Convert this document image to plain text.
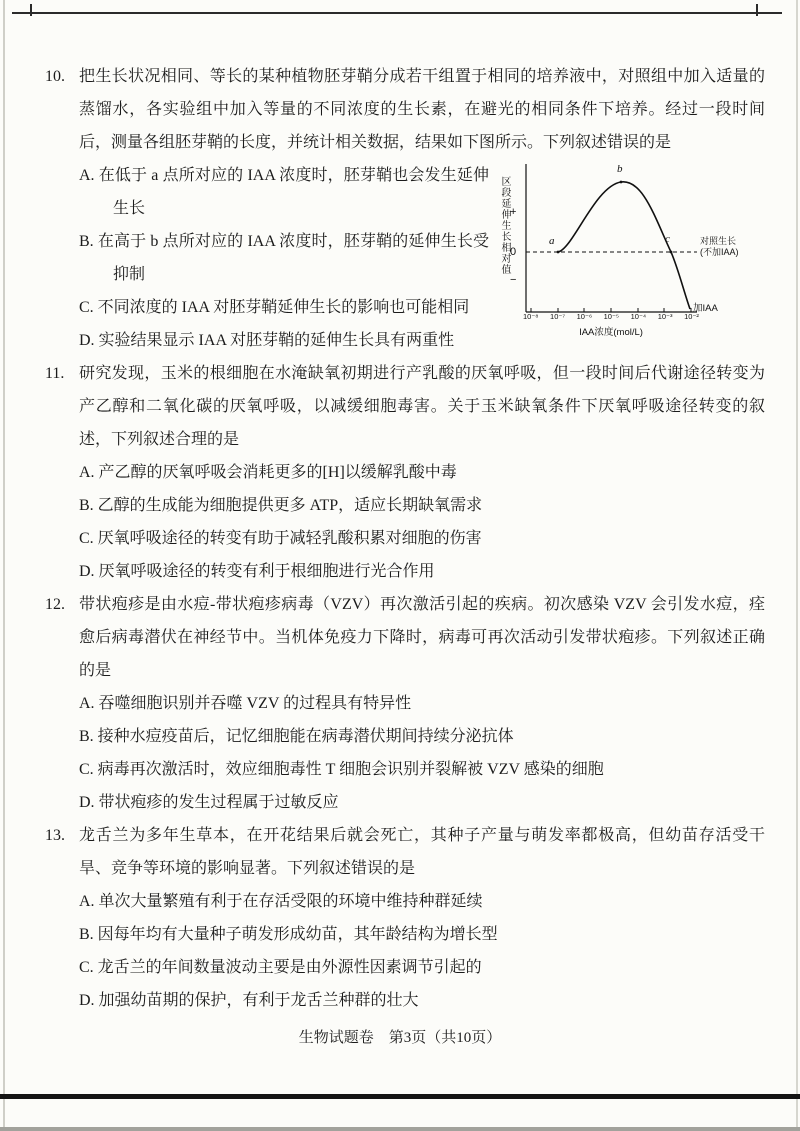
10. 把生长状况相同、等长的某种植物胚芽鞘分成若干组置于相同的培养液中，对照组中加入适量的蒸馏水，各实验组中加入等量的不同浓度的生长素，在避光的相同条件下培养。经过一段时间后，测量各组胚芽鞘的长度，并统计相关数据，结果如下图所示。下列叙述错误的是
区段延伸生长相对值 +
0
−
a
b
c	对照生长
(不加IAA)
加IAA
10⁻⁸ 10⁻⁷ 10⁻⁶ 10⁻⁵ 10⁻⁴ 10⁻³ 10⁻²
IAA浓度(mol/L)
A. 在低于 a 点所对应的 IAA 浓度时，胚芽鞘也会发生延伸生长
B. 在高于 b 点所对应的 IAA 浓度时，胚芽鞘的延伸生长受抑制
C. 不同浓度的 IAA 对胚芽鞘延伸生长的影响也可能相同
D. 实验结果显示 IAA 对胚芽鞘的延伸生长具有两重性
11. 研究发现，玉米的根细胞在水淹缺氧初期进行产乳酸的厌氧呼吸，但一段时间后代谢途径转变为产乙醇和二氧化碳的厌氧呼吸，以减缓细胞毒害。关于玉米缺氧条件下厌氧呼吸途径转变的叙述，下列叙述合理的是
A. 产乙醇的厌氧呼吸会消耗更多的[H]以缓解乳酸中毒
B. 乙醇的生成能为细胞提供更多 ATP，适应长期缺氧需求
C. 厌氧呼吸途径的转变有助于减轻乳酸积累对细胞的伤害
D. 厌氧呼吸途径的转变有利于根细胞进行光合作用
12. 带状疱疹是由水痘-带状疱疹病毒（VZV）再次激活引起的疾病。初次感染 VZV 会引发水痘，痊愈后病毒潜伏在神经节中。当机体免疫力下降时，病毒可再次活动引发带状疱疹。下列叙述正确的是
A. 吞噬细胞识别并吞噬 VZV 的过程具有特异性
B. 接种水痘疫苗后，记忆细胞能在病毒潜伏期间持续分泌抗体
C. 病毒再次激活时，效应细胞毒性 T 细胞会识别并裂解被 VZV 感染的细胞
D. 带状疱疹的发生过程属于过敏反应
13. 龙舌兰为多年生草本，在开花结果后就会死亡，其种子产量与萌发率都极高，但幼苗存活受干旱、竞争等环境的影响显著。下列叙述错误的是
A. 单次大量繁殖有利于在存活受限的环境中维持种群延续
B. 因每年均有大量种子萌发形成幼苗，其年龄结构为增长型
C. 龙舌兰的年间数量波动主要是由外源性因素调节引起的
D. 加强幼苗期的保护，有利于龙舌兰种群的壮大
生物试题卷　第3页（共10页）
